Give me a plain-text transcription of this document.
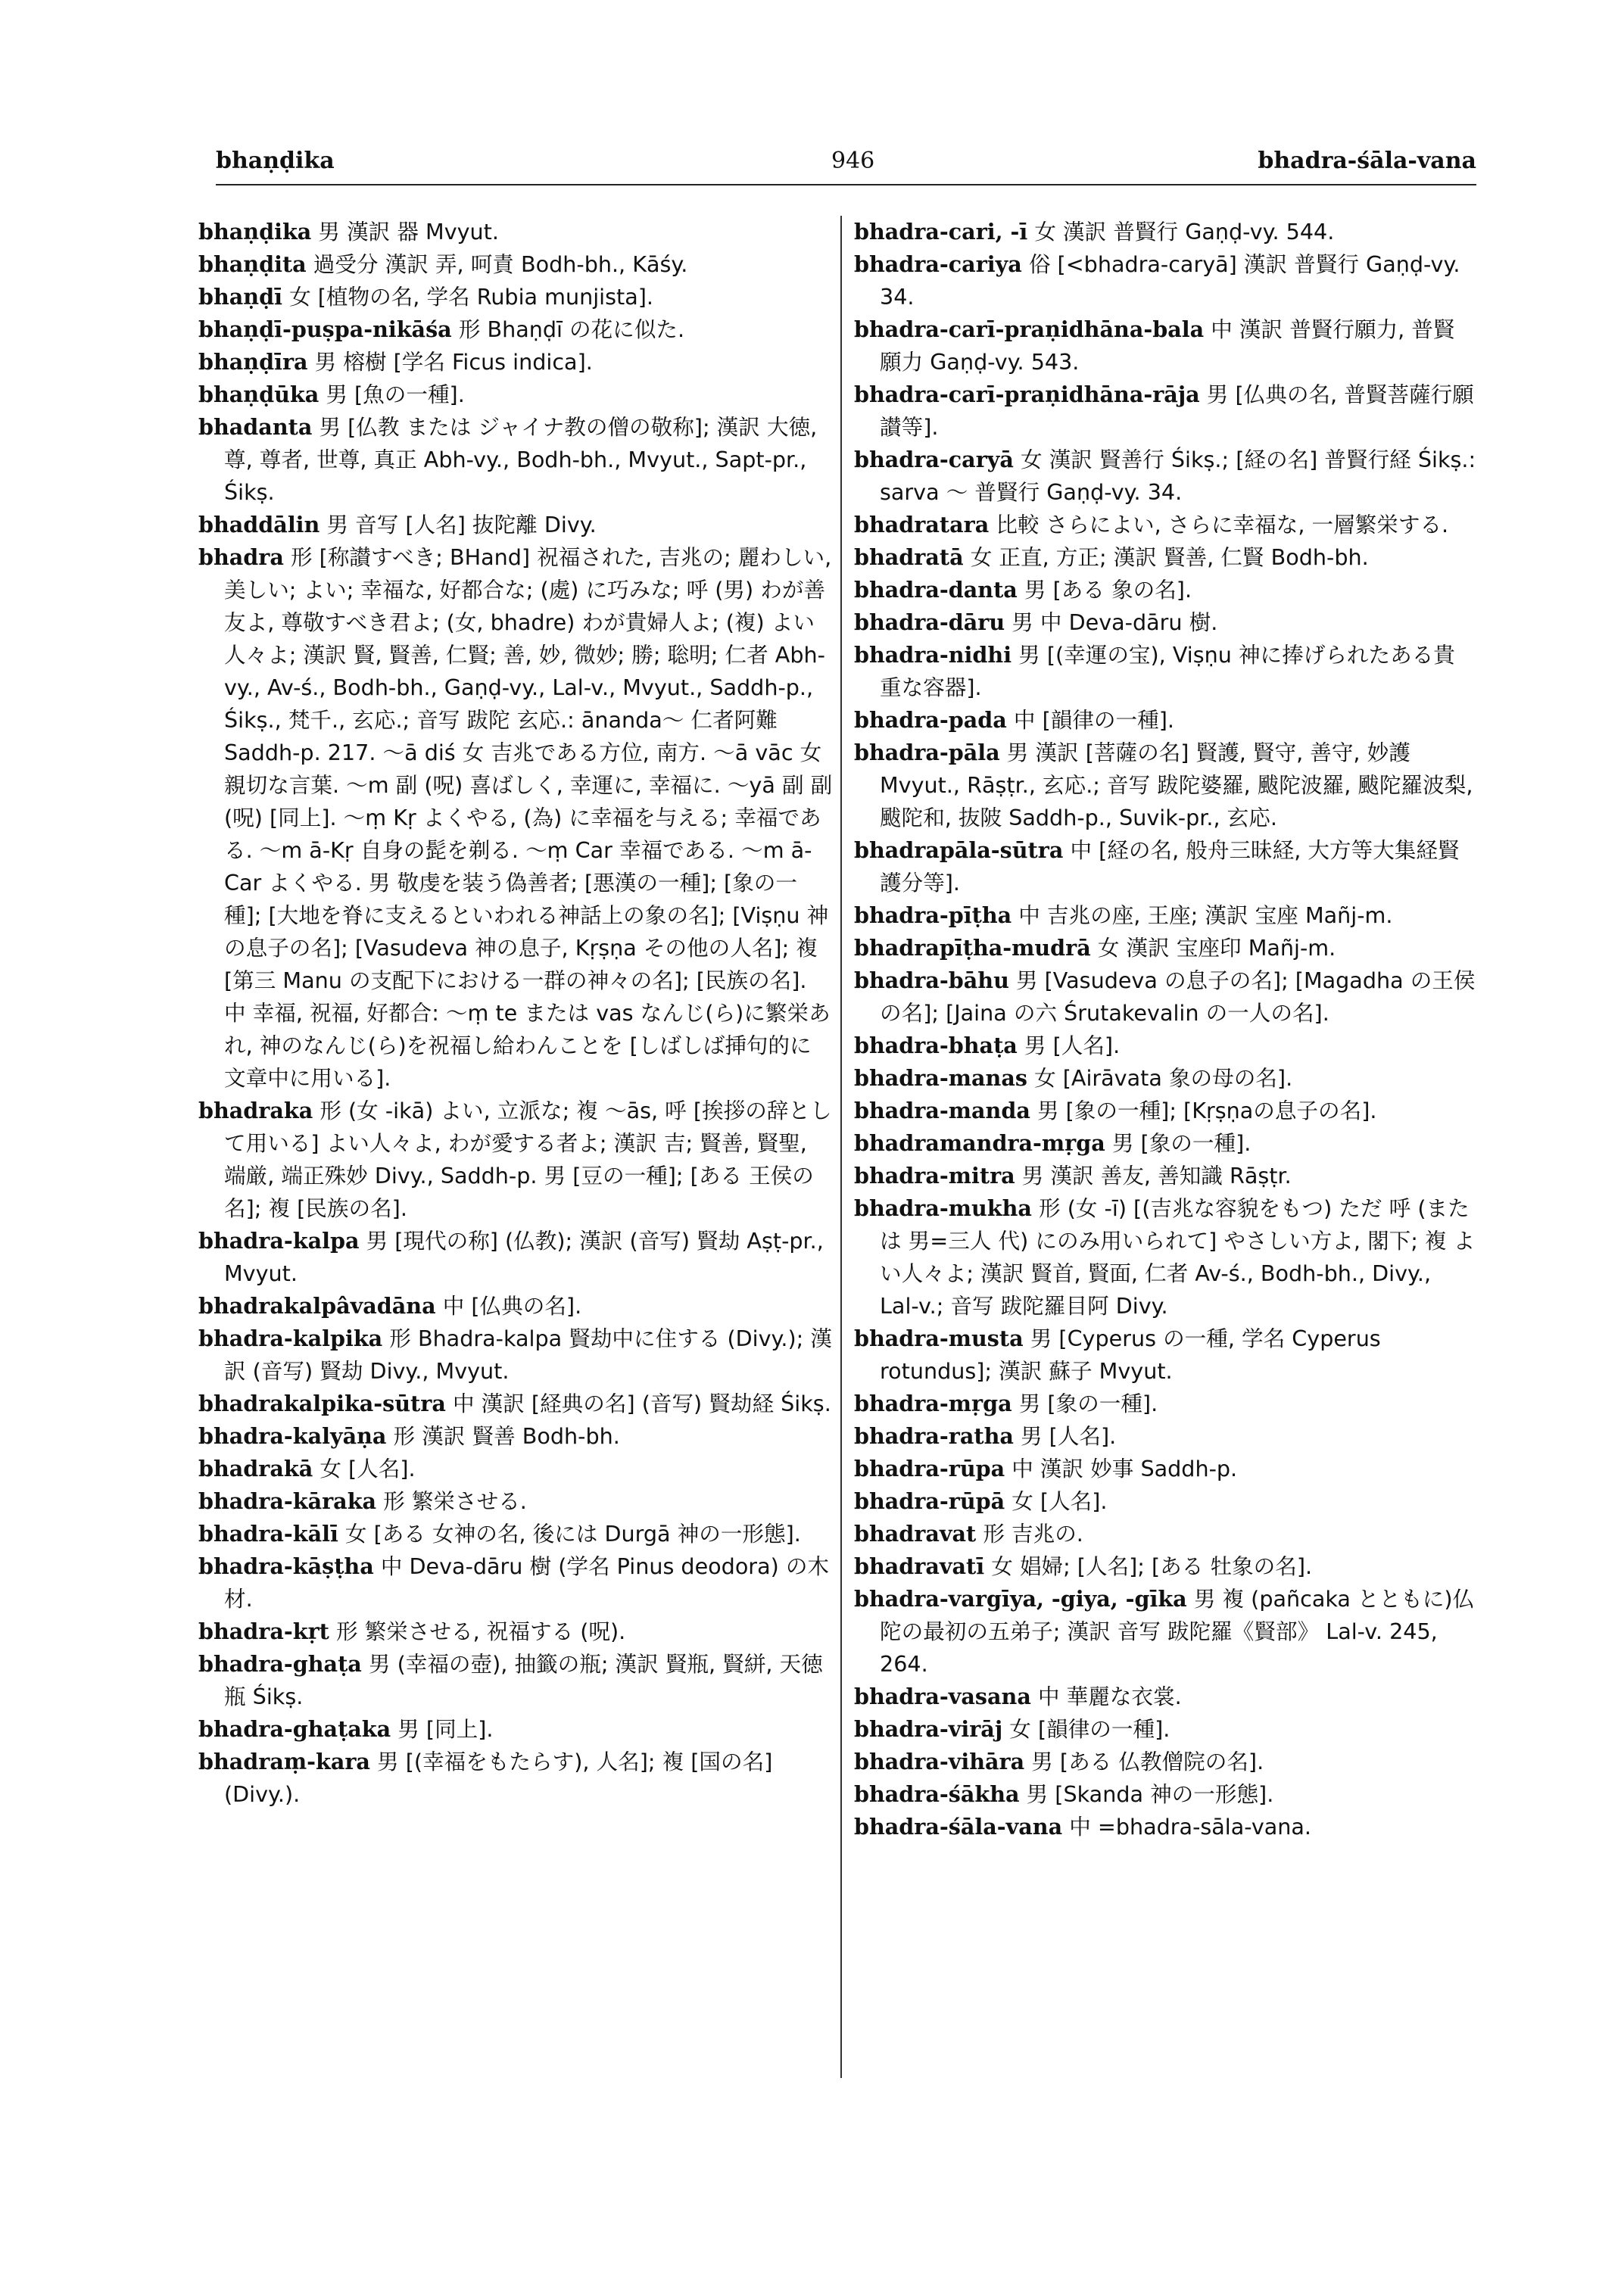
bhaṇḍika	946	bhadra-śāla-vana

bhaṇḍika 男 漢訳 器 Mvyut.

bhaṇḍita 過受分 漢訳 弄, 呵責 Bodh-bh., Kāśy.

bhaṇḍī 女 [植物の名, 学名 Rubia munjista].

bhaṇḍī-puṣpa-nikāśa 形 Bhaṇḍī の花に似た.

bhaṇḍīra 男 榕樹 [学名 Ficus indica].

bhaṇḍūka 男 [魚の一種].

bhadanta 男 [仏教 または ジャイナ教の僧の敬称]; 漢訳 大徳, 尊, 尊者, 世尊, 真正 Abh-vy., Bodh-bh., Mvyut., Sapt-pr., Śikṣ.

bhaddālin 男 音写 [人名] 抜陀離 Divy.

bhadra 形 [称讃すべき; BHand] 祝福された, 吉兆の; 麗わしい, 美しい; よい; 幸福な, 好都合な; (處) に巧みな; 呼 (男) わが善友よ, 尊敬すべき君よ; (女, bhadre) わが貴婦人よ; (複) よい人々よ; 漢訳 賢, 賢善, 仁賢; 善, 妙, 微妙; 勝; 聡明; 仁者 Abh-vy., Av-ś., Bodh-bh., Gaṇḍ-vy., Lal-v., Mvyut., Saddh-p., Śikṣ., 梵千., 玄応.; 音写 跋陀 玄応.: ānanda～ 仁者阿難 Saddh-p. 217. ～ā diś 女 吉兆である方位, 南方. ～ā vāc 女 親切な言葉. ～m 副 (呪) 喜ばしく, 幸運に, 幸福に. ～yā 副 副 (呪) [同上]. ～ṃ Kṛ よくやる, (為) に幸福を与える; 幸福である. ～m ā-Kṛ 自身の髭を剃る. ～ṃ Car 幸福である. ～m ā-Car よくやる. 男 敬虔を装う偽善者; [悪漢の一種]; [象の一種]; [大地を脊に支えるといわれる神話上の象の名]; [Viṣṇu 神の息子の名]; [Vasudeva 神の息子, Kṛṣṇa その他の人名]; 複 [第三 Manu の支配下における一群の神々の名]; [民族の名]. 中 幸福, 祝福, 好都合: ～ṃ te または vas なんじ(ら)に繁栄あれ, 神のなんじ(ら)を祝福し給わんことを [しばしば挿句的に文章中に用いる].

bhadraka 形 (女 -ikā) よい, 立派な; 複 ～ās, 呼 [挨拶の辞として用いる] よい人々よ, わが愛する者よ; 漢訳 吉; 賢善, 賢聖, 端厳, 端正殊妙 Divy., Saddh-p. 男 [豆の一種]; [ある 王侯の名]; 複 [民族の名].

bhadra-kalpa 男 [現代の称] (仏教); 漢訳 (音写) 賢劫 Aṣṭ-pr., Mvyut.

bhadrakalpâvadāna 中 [仏典の名].

bhadra-kalpika 形 Bhadra-kalpa 賢劫中に住する (Divy.); 漢訳 (音写) 賢劫 Divy., Mvyut.

bhadrakalpika-sūtra 中 漢訳 [経典の名] (音写) 賢劫経 Śikṣ.

bhadra-kalyāṇa 形 漢訳 賢善 Bodh-bh.

bhadrakā 女 [人名].

bhadra-kāraka 形 繁栄させる.

bhadra-kālī 女 [ある 女神の名, 後には Durgā 神の一形態].

bhadra-kāṣṭha 中 Deva-dāru 樹 (学名 Pinus deodora) の木材.

bhadra-kṛt 形 繁栄させる, 祝福する (呪).

bhadra-ghaṭa 男 (幸福の壺), 抽籤の瓶; 漢訳 賢瓶, 賢絣, 天徳瓶 Śikṣ.

bhadra-ghaṭaka 男 [同上].

bhadraṃ-kara 男 [(幸福をもたらす), 人名]; 複 [国の名] (Divy.).

bhadra-cari, -ī 女 漢訳 普賢行 Gaṇḍ-vy. 544.

bhadra-cariya 俗 [<bhadra-caryā] 漢訳 普賢行 Gaṇḍ-vy. 34.

bhadra-carī-praṇidhāna-bala 中 漢訳 普賢行願力, 普賢願力 Gaṇḍ-vy. 543.

bhadra-carī-praṇidhāna-rāja 男 [仏典の名, 普賢菩薩行願讃等].

bhadra-caryā 女 漢訳 賢善行 Śikṣ.; [経の名] 普賢行経 Śikṣ.: sarva ～ 普賢行 Gaṇḍ-vy. 34.

bhadratara 比較 さらによい, さらに幸福な, 一層繁栄する.

bhadratā 女 正直, 方正; 漢訳 賢善, 仁賢 Bodh-bh.

bhadra-danta 男 [ある 象の名].

bhadra-dāru 男 中 Deva-dāru 樹.

bhadra-nidhi 男 [(幸運の宝), Viṣṇu 神に捧げられたある貴重な容器].

bhadra-pada 中 [韻律の一種].

bhadra-pāla 男 漢訳 [菩薩の名] 賢護, 賢守, 善守, 妙護 Mvyut., Rāṣṭr., 玄応.; 音写 跋陀婆羅, 颰陀波羅, 颰陀羅波梨, 颰陀和, 抜陂 Saddh-p., Suvik-pr., 玄応.

bhadrapāla-sūtra 中 [経の名, 般舟三昧経, 大方等大集経賢護分等].

bhadra-pīṭha 中 吉兆の座, 王座; 漢訳 宝座 Mañj-m.

bhadrapīṭha-mudrā 女 漢訳 宝座印 Mañj-m.

bhadra-bāhu 男 [Vasudeva の息子の名]; [Magadha の王侯の名]; [Jaina の六 Śrutakevalin の一人の名].

bhadra-bhaṭa 男 [人名].

bhadra-manas 女 [Airāvata 象の母の名].

bhadra-manda 男 [象の一種]; [Kṛṣṇaの息子の名].

bhadramandra-mṛga 男 [象の一種].

bhadra-mitra 男 漢訳 善友, 善知識 Rāṣṭr.

bhadra-mukha 形 (女 -ī) [(吉兆な容貌をもつ) ただ 呼 (または 男=三人 代) にのみ用いられて] やさしい方よ, 閣下; 複 よい人々よ; 漢訳 賢首, 賢面, 仁者 Av-ś., Bodh-bh., Divy., Lal-v.; 音写 跋陀羅目阿 Divy.

bhadra-musta 男 [Cyperus の一種, 学名 Cyperus rotundus]; 漢訳 蘇子 Mvyut.

bhadra-mṛga 男 [象の一種].

bhadra-ratha 男 [人名].

bhadra-rūpa 中 漢訳 妙事 Saddh-p.

bhadra-rūpā 女 [人名].

bhadravat 形 吉兆の.

bhadravatī 女 娼婦; [人名]; [ある 牡象の名].

bhadra-vargīya, -giya, -gīka 男 複 (pañcaka とともに)仏陀の最初の五弟子; 漢訳 音写 跋陀羅《賢部》 Lal-v. 245, 264.

bhadra-vasana 中 華麗な衣裳.

bhadra-virāj 女 [韻律の一種].

bhadra-vihāra 男 [ある 仏教僧院の名].

bhadra-śākha 男 [Skanda 神の一形態].

bhadra-śāla-vana 中 =bhadra-sāla-vana.
